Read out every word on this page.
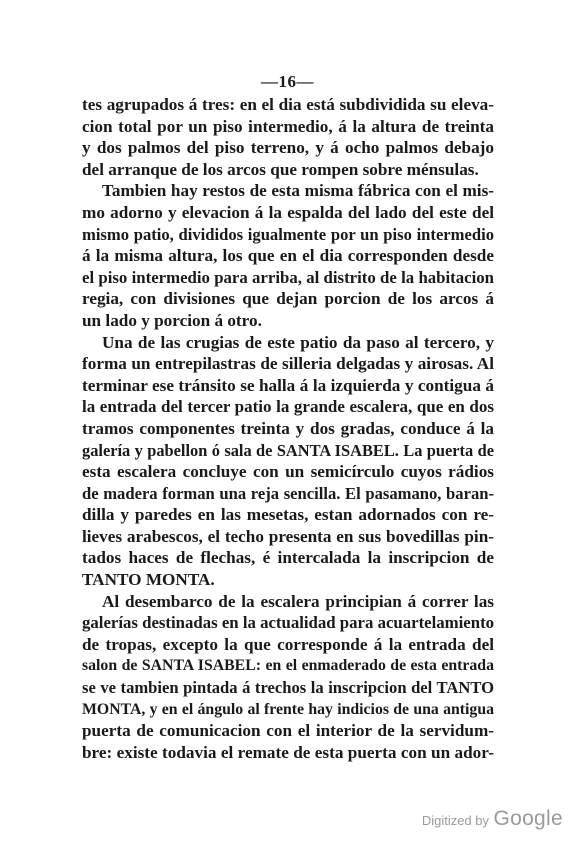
—16—
tes agrupados á tres: en el dia está subdividida su eleva-
cion total por un piso intermedio, á la altura de treinta
y dos palmos del piso terreno, y á ocho palmos debajo
del arranque de los arcos que rompen sobre ménsulas.
Tambien hay restos de esta misma fábrica con el mis-
mo adorno y elevacion á la espalda del lado del este del
mismo patio, divididos igualmente por un piso intermedio
á la misma altura, los que en el dia corresponden desde
el piso intermedio para arriba, al distrito de la habitacion
regia, con divisiones que dejan porcion de los arcos á
un lado y porcion á otro.
Una de las crugias de este patio da paso al tercero, y
forma un entrepilastras de silleria delgadas y airosas. Al
terminar ese tránsito se halla á la izquierda y contigua á
la entrada del tercer patio la grande escalera, que en dos
tramos componentes treinta y dos gradas, conduce á la
galería y pabellon ó sala de SANTA ISABEL. La puerta de
esta escalera concluye con un semicírculo cuyos rádios
de madera forman una reja sencilla. El pasamano, baran-
dilla y paredes en las mesetas, estan adornados con re-
lieves arabescos, el techo presenta en sus bovedillas pin-
tados haces de flechas, é intercalada la inscripcion de
TANTO MONTA.
Al desembarco de la escalera principian á correr las
galerías destinadas en la actualidad para acuartelamiento
de tropas, excepto la que corresponde á la entrada del
salon de SANTA ISABEL: en el enmaderado de esta entrada
se ve tambien pintada á trechos la inscripcion del TANTO
MONTA, y en el ángulo al frente hay indicios de una antigua
puerta de comunicacion con el interior de la servidum-
bre: existe todavia el remate de esta puerta con un ador-
Digitized by Google
